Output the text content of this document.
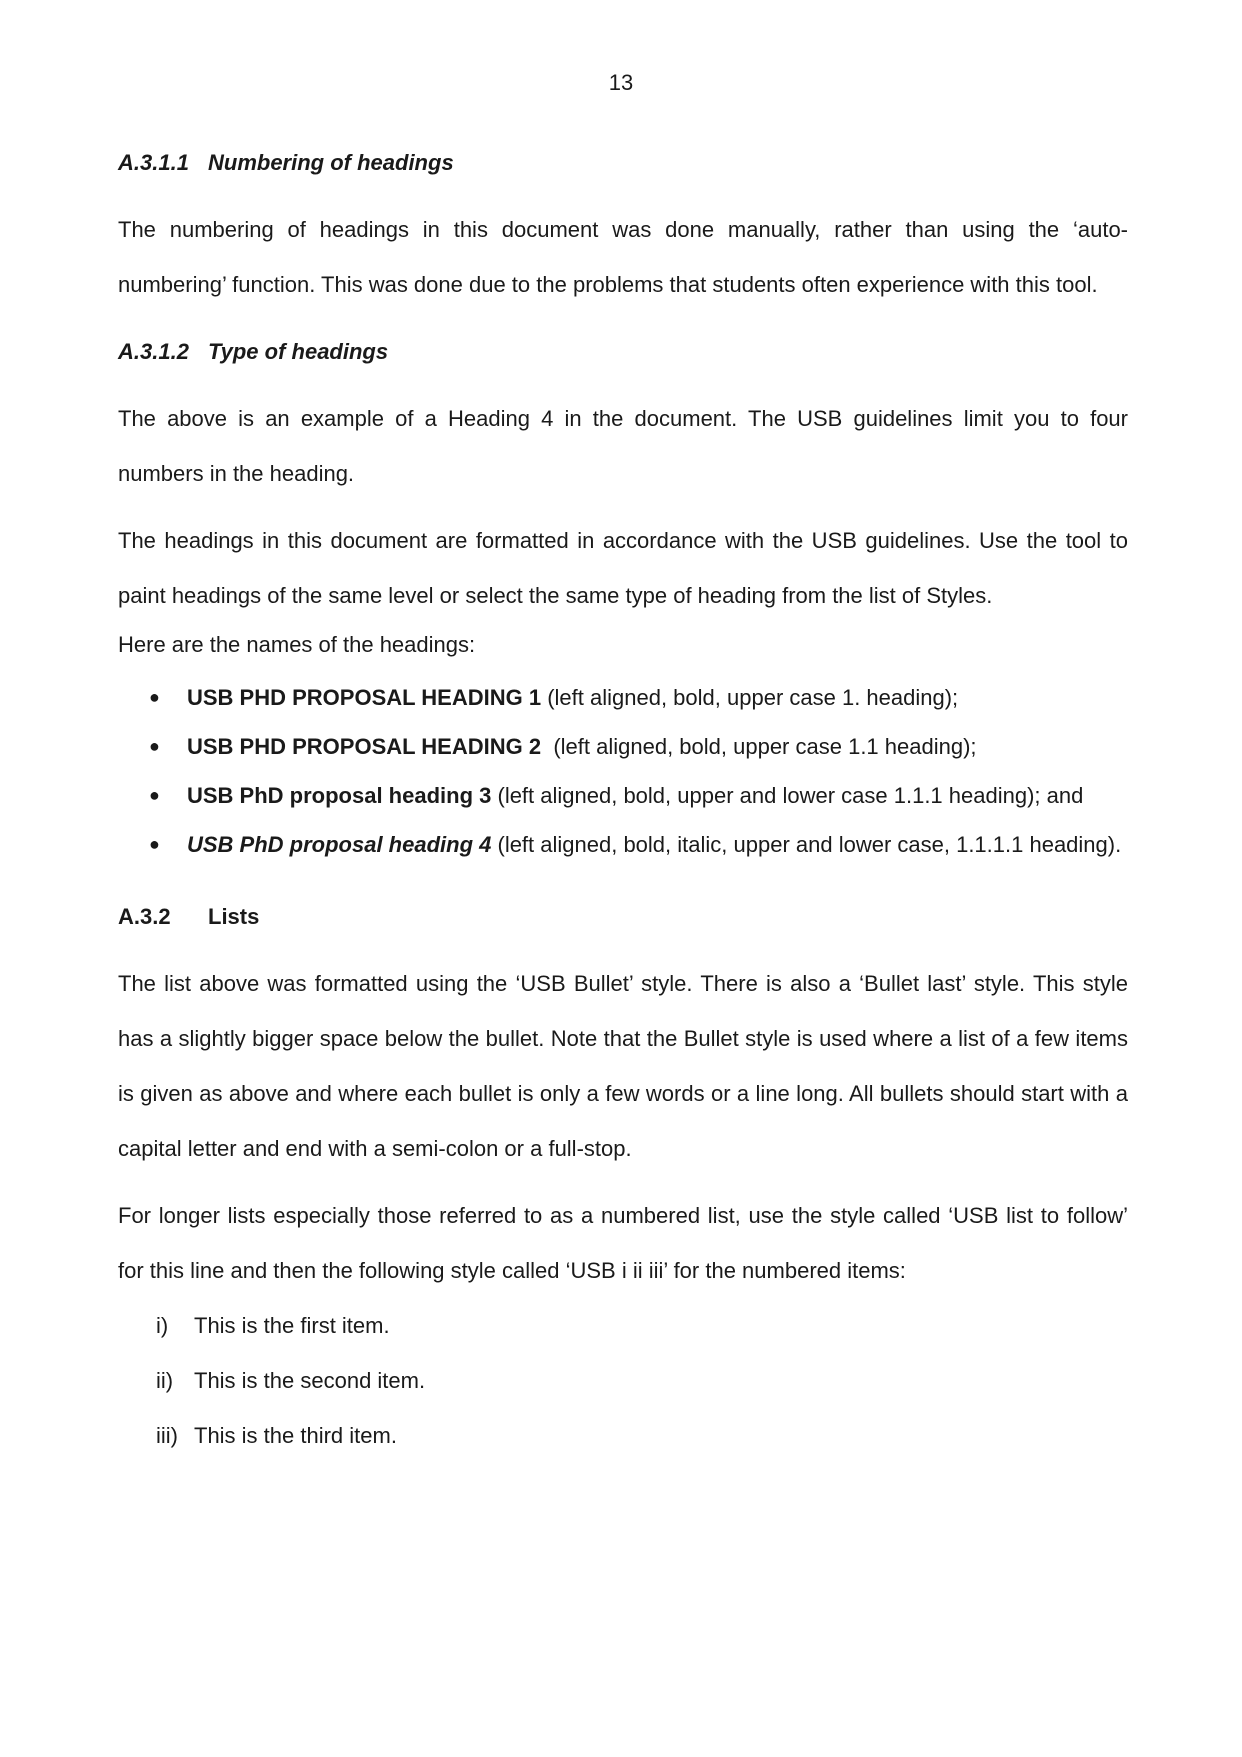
13
A.3.1.1 Numbering of headings

The numbering of headings in this document was done manually, rather than using the ‘auto-numbering’ function. This was done due to the problems that students often experience with this tool.

A.3.1.2 Type of headings

The above is an example of a Heading 4 in the document. The USB guidelines limit you to four numbers in the heading.

The headings in this document are formatted in accordance with the USB guidelines. Use the tool to paint headings of the same level or select the same type of heading from the list of Styles.

Here are the names of the headings:

● USB PHD PROPOSAL HEADING 1 (left aligned, bold, upper case 1. heading);
● USB PHD PROPOSAL HEADING 2  (left aligned, bold, upper case 1.1 heading);
● USB PhD proposal heading 3 (left aligned, bold, upper and lower case 1.1.1 heading); and
● USB PhD proposal heading 4 (left aligned, bold, italic, upper and lower case, 1.1.1.1 heading).
A.3.2 Lists

The list above was formatted using the ‘USB Bullet’ style. There is also a ‘Bullet last’ style. This style has a slightly bigger space below the bullet. Note that the Bullet style is used where a list of a few items is given as above and where each bullet is only a few words or a line long. All bullets should start with a capital letter and end with a semi-colon or a full-stop.

For longer lists especially those referred to as a numbered list, use the style called ‘USB list to follow’ for this line and then the following style called ‘USB i ii iii’ for the numbered items:

i) This is the first item.
ii) This is the second item.
iii) This is the third item.
